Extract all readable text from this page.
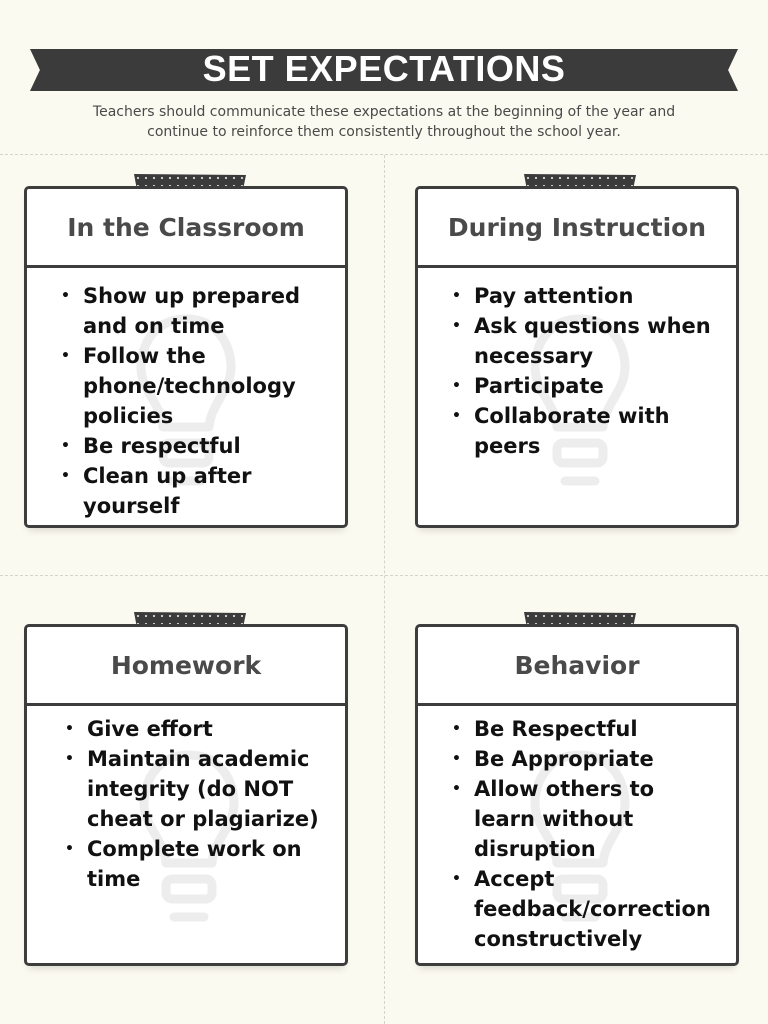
SET EXPECTATIONS
Teachers should communicate these expectations at the beginning of the year and continue to reinforce them consistently throughout the school year.
In the Classroom
• Show up prepared and on time
• Follow the phone/technology policies
• Be respectful
• Clean up after yourself
During Instruction
• Pay attention
• Ask questions when necessary
• Participate
• Collaborate with peers
Homework
• Give effort
• Maintain academic integrity (do NOT cheat or plagiarize)
• Complete work on time
Behavior
• Be Respectful
• Be Appropriate
• Allow others to learn without disruption
• Accept feedback/correction constructively
